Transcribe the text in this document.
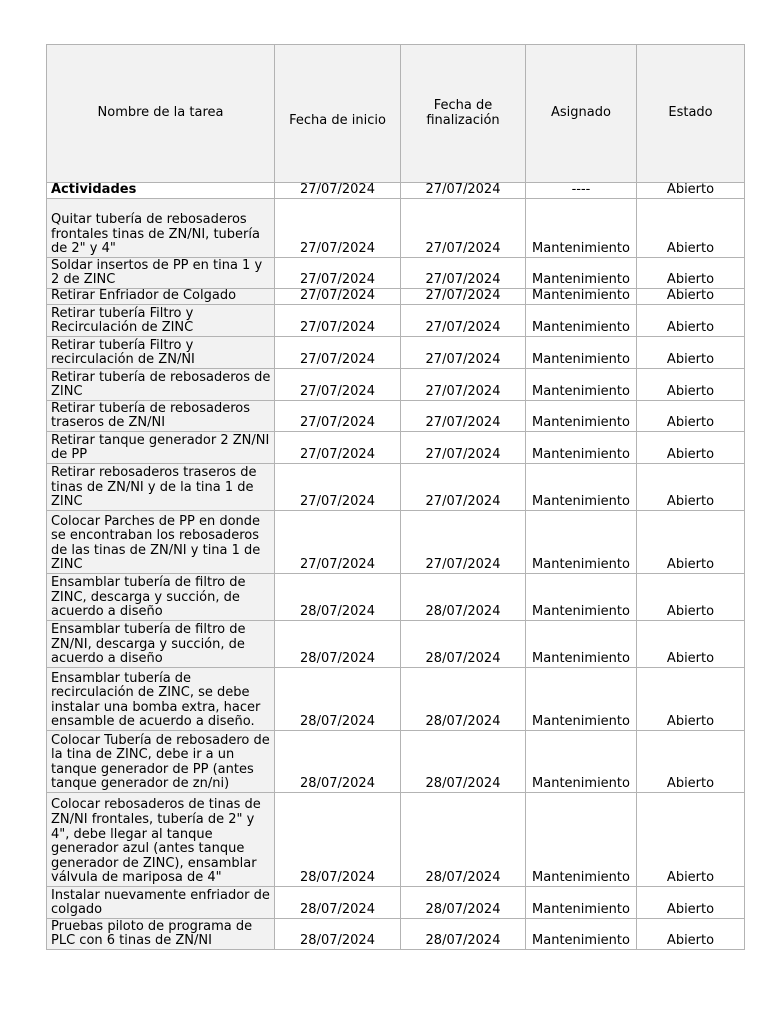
Nombre de la tarea	Fecha de inicio	Fecha de finalización	Asignado	Estado
Actividades	27/07/2024	27/07/2024	----	Abierto
Quitar tubería de rebosaderos frontales tinas de ZN/NI, tubería de 2" y 4"	27/07/2024	27/07/2024	Mantenimiento	Abierto
Soldar insertos de PP en tina 1 y 2 de ZINC	27/07/2024	27/07/2024	Mantenimiento	Abierto
Retirar Enfriador de Colgado	27/07/2024	27/07/2024	Mantenimiento	Abierto
Retirar tubería Filtro y Recirculación de ZINC	27/07/2024	27/07/2024	Mantenimiento	Abierto
Retirar tubería Filtro y recirculación de ZN/NI	27/07/2024	27/07/2024	Mantenimiento	Abierto
Retirar tubería de rebosaderos de ZINC	27/07/2024	27/07/2024	Mantenimiento	Abierto
Retirar tubería de rebosaderos traseros de ZN/NI	27/07/2024	27/07/2024	Mantenimiento	Abierto
Retirar tanque generador 2 ZN/NI de PP	27/07/2024	27/07/2024	Mantenimiento	Abierto
Retirar rebosaderos traseros de tinas de ZN/NI y de la tina 1 de ZINC	27/07/2024	27/07/2024	Mantenimiento	Abierto
Colocar Parches de PP en donde se encontraban los rebosaderos de las tinas de ZN/NI y tina 1 de ZINC	27/07/2024	27/07/2024	Mantenimiento	Abierto
Ensamblar tubería de filtro de ZINC, descarga y succión, de acuerdo a diseño	28/07/2024	28/07/2024	Mantenimiento	Abierto
Ensamblar tubería de filtro de ZN/NI, descarga y succión, de acuerdo a diseño	28/07/2024	28/07/2024	Mantenimiento	Abierto
Ensamblar tubería de recirculación de ZINC, se debe instalar una bomba extra, hacer ensamble de acuerdo a diseño.	28/07/2024	28/07/2024	Mantenimiento	Abierto
Colocar Tubería de rebosadero de la tina de ZINC, debe ir a un tanque generador de PP (antes tanque generador de zn/ni)	28/07/2024	28/07/2024	Mantenimiento	Abierto
Colocar rebosaderos de tinas de ZN/NI frontales, tubería de 2" y 4", debe llegar al tanque generador azul (antes tanque generador de ZINC), ensamblar válvula de mariposa de 4"	28/07/2024	28/07/2024	Mantenimiento	Abierto
Instalar nuevamente enfriador de colgado	28/07/2024	28/07/2024	Mantenimiento	Abierto
Pruebas piloto de programa de PLC con 6 tinas de ZN/NI	28/07/2024	28/07/2024	Mantenimiento	Abierto
